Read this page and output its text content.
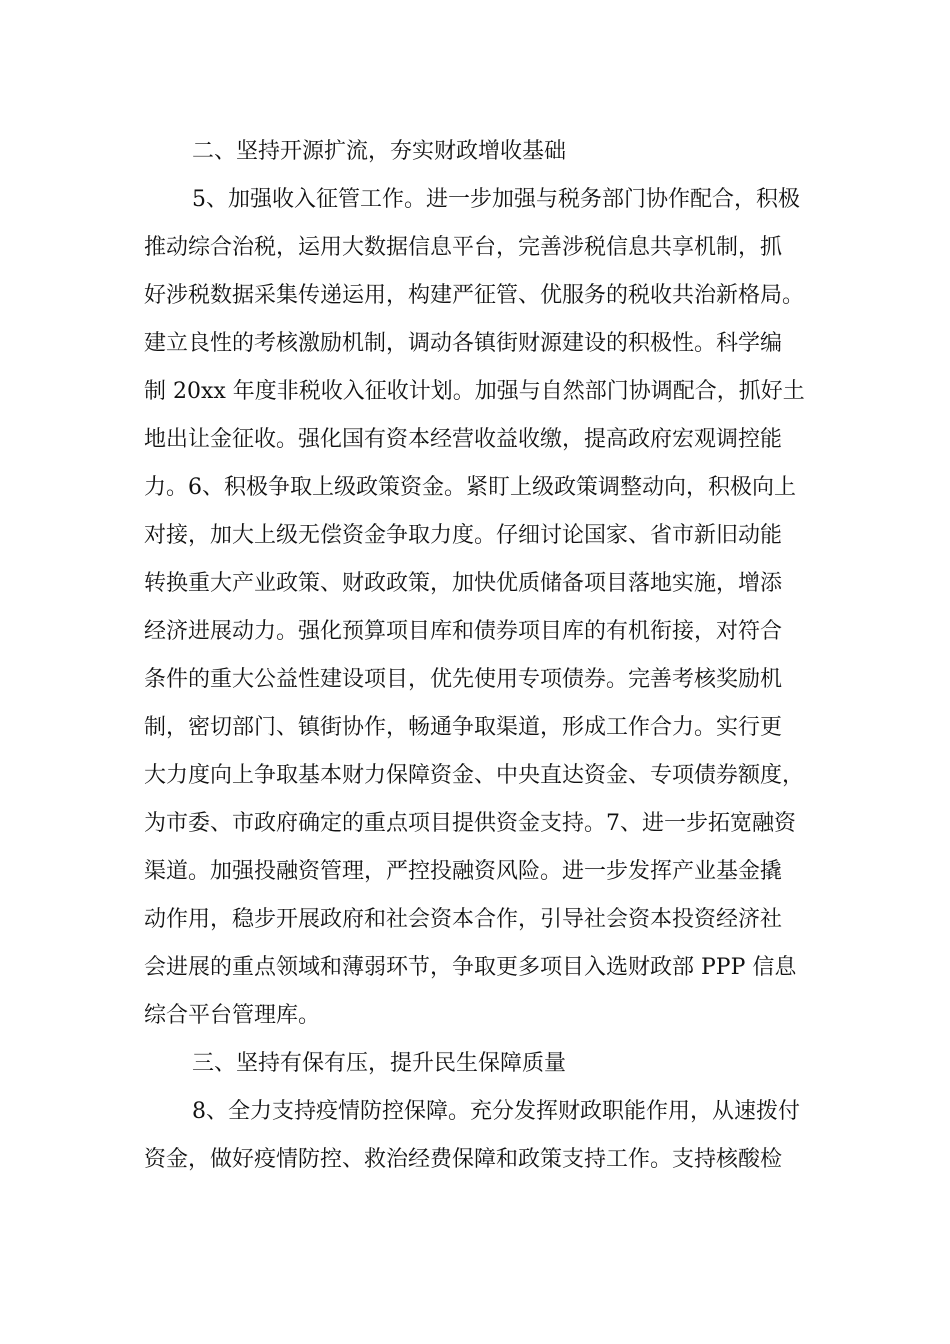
二、坚持开源扩流，夯实财政增收基础
5、加强收入征管工作。进一步加强与税务部门协作配合，积极
推动综合治税，运用大数据信息平台，完善涉税信息共享机制，抓
好涉税数据采集传递运用，构建严征管、优服务的税收共治新格局。
建立良性的考核激励机制，调动各镇街财源建设的积极性。科学编
制 20xx 年度非税收入征收计划。加强与自然部门协调配合，抓好土
地出让金征收。强化国有资本经营收益收缴，提高政府宏观调控能
力。6、积极争取上级政策资金。紧盯上级政策调整动向，积极向上
对接，加大上级无偿资金争取力度。仔细讨论国家、省市新旧动能
转换重大产业政策、财政政策，加快优质储备项目落地实施，增添
经济进展动力。强化预算项目库和债券项目库的有机衔接，对符合
条件的重大公益性建设项目，优先使用专项债券。完善考核奖励机
制，密切部门、镇街协作，畅通争取渠道，形成工作合力。实行更
大力度向上争取基本财力保障资金、中央直达资金、专项债券额度，
为市委、市政府确定的重点项目提供资金支持。7、进一步拓宽融资
渠道。加强投融资管理，严控投融资风险。进一步发挥产业基金撬
动作用，稳步开展政府和社会资本合作，引导社会资本投资经济社
会进展的重点领域和薄弱环节，争取更多项目入选财政部 PPP 信息
综合平台管理库。
三、坚持有保有压，提升民生保障质量
8、全力支持疫情防控保障。充分发挥财政职能作用，从速拨付
资金，做好疫情防控、救治经费保障和政策支持工作。支持核酸检
